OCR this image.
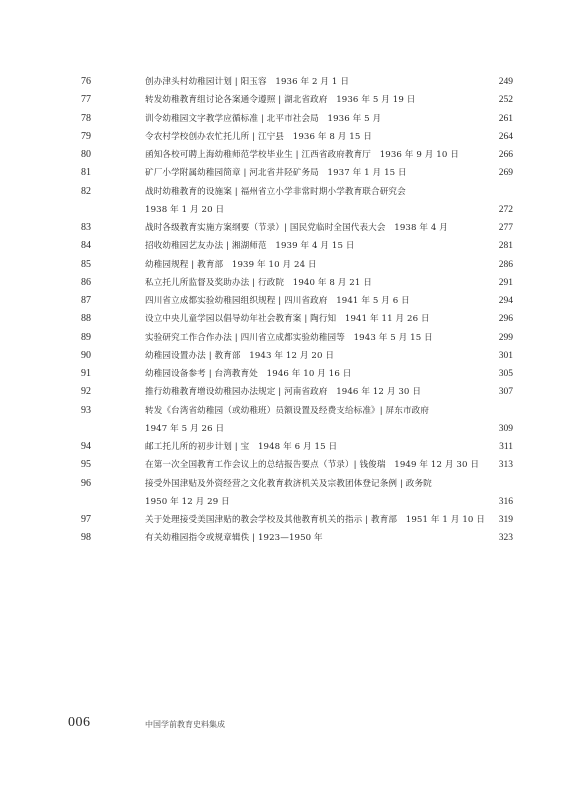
76	创办津头村幼稚园计划 | 阳玉容　1936 年 2 月 1 日	249
77	转发幼稚教育组讨论各案通令遵照 | 湖北省政府　1936 年 5 月 19 日	252
78	训令幼稚园文字教学应循标准 | 北平市社会局　1936 年 5 月	261
79	令农村学校创办农忙托儿所 | 江宁县　1936 年 8 月 15 日	264
80	函知各校可聘上海幼稚师范学校毕业生 | 江西省政府教育厅　1936 年 9 月 10 日	266
81	矿厂小学附属幼稚园简章 | 河北省井陉矿务局　1937 年 1 月 15 日	269
82	战时幼稚教育的设施案 | 福州省立小学非常时期小学教育联合研究会
1938 年 1 月 20 日	272
83	战时各级教育实施方案纲要（节录）| 国民党临时全国代表大会　1938 年 4 月	277
84	招收幼稚园艺友办法 | 湘湖师范　1939 年 4 月 15 日	281
85	幼稚园规程 | 教育部　1939 年 10 月 24 日	286
86	私立托儿所监督及奖助办法 | 行政院　1940 年 8 月 21 日	291
87	四川省立成都实验幼稚园组织规程 | 四川省政府　1941 年 5 月 6 日	294
88	设立中央儿童学园以倡导幼年社会教育案 | 陶行知　1941 年 11 月 26 日	296
89	实验研究工作合作办法 | 四川省立成都实验幼稚园等　1943 年 5 月 15 日	299
90	幼稚园设置办法 | 教育部　1943 年 12 月 20 日	301
91	幼稚园设备参考 | 台湾教育处　1946 年 10 月 16 日	305
92	推行幼稚教育增设幼稚园办法规定 | 河南省政府　1946 年 12 月 30 日	307
93	转发《台湾省幼稚园（或幼稚班）员额设置及经费支给标准》| 屏东市政府
1947 年 5 月 26 日	309
94	邮工托儿所的初步计划 | 宝　1948 年 6 月 15 日	311
95	在第一次全国教育工作会议上的总结报告要点（节录）| 钱俊瑞　1949 年 12 月 30 日 313
96	接受外国津贴及外资经营之文化教育救济机关及宗教团体登记条例 | 政务院
1950 年 12 月 29 日	316
97	关于处理接受美国津贴的教会学校及其他教育机关的指示 | 教育部　1951 年 1 月 10 日 319
98	有关幼稚园指令或规章辑佚 | 1923—1950 年	323
006	中国学前教育史料集成
